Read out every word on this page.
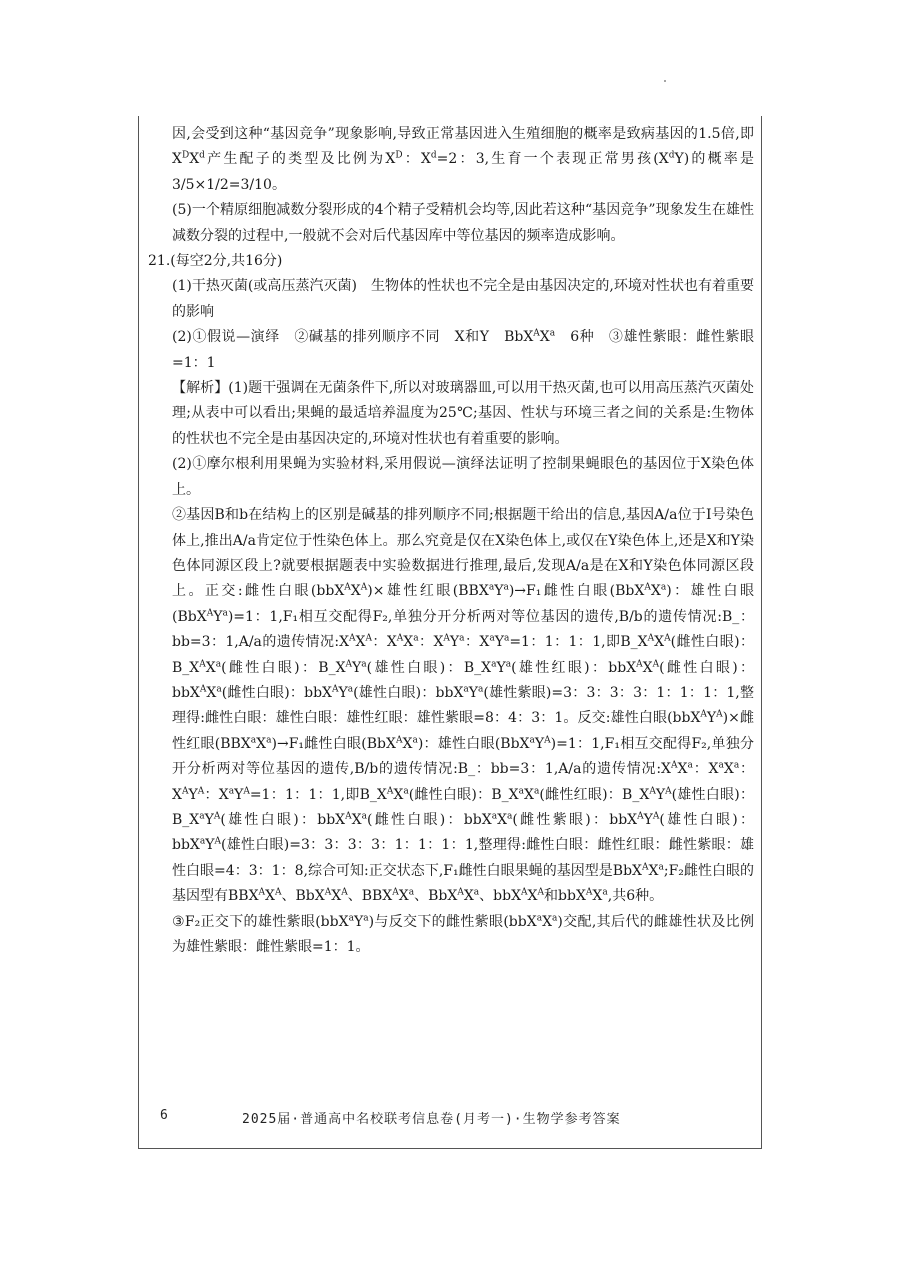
因,会受到这种“基因竞争”现象影响,导致正常基因进入生殖细胞的概率是致病基因的1.5倍,即$X^DX^d$产生配子的类型及比例为$X^D$：$X^d=2$：3,生育一个表现正常男孩$(X^dY)$的概率是3/5×1/2=3/10。

(5)一个精原细胞减数分裂形成的4个精子受精机会均等,因此若这种“基因竞争”现象发生在雄性减数分裂的过程中,一般就不会对后代基因库中等位基因的频率造成影响。

21.(每空2分,共16分)

(1)干热灭菌(或高压蒸汽灭菌)　生物体的性状也不完全是由基因决定的,环境对性状也有着重要的影响

(2)①假说—演绎　②碱基的排列顺序不同　X和Y　$BbX^AX^a$　6种　③雄性紫眼：雌性紫眼=1：1

【解析】(1)题干强调在无菌条件下,所以对玻璃器皿,可以用干热灭菌,也可以用高压蒸汽灭菌处理;从表中可以看出;果蝇的最适培养温度为25℃;基因、性状与环境三者之间的关系是:生物体的性状也不完全是由基因决定的,环境对性状也有着重要的影响。

(2)①摩尔根利用果蝇为实验材料,采用假说—演绎法证明了控制果蝇眼色的基因位于X染色体上。

②基因B和b在结构上的区别是碱基的排列顺序不同;根据题干给出的信息,基因A/a位于Ⅰ号染色体上,推出A/a肯定位于性染色体上。那么究竟是仅在X染色体上,或仅在Y染色体上,还是X和Y染色体同源区段上?就要根据题表中实验数据进行推理,最后,发现A/a是在X和Y染色体同源区段上。正交:雌性白眼$(bbX^AX^A)\times$雄性红眼$(BBX^aY^a)\to F_1$雌性白眼$(BbX^AX^a)$：雄性白眼$(BbX^AY^a)=1$：1,F₁相互交配得F₂,单独分开分析两对等位基因的遗传,B/b的遗传情况:B_：bb=3：1,A/a的遗传情况$:X^AX^A$：$X^AX^a$：$X^AY^a$：$X^aY^a=1$：1：1：1,即$B\_X^AX^A$(雌性白眼)：$B\_X^AX^a$(雌性白眼)：$B\_X^AY^a$(雄性白眼)：$B\_X^aY^a$(雄性红眼)：$bbX^AX^A$(雌性白眼)：$bbX^AX^a$(雌性白眼)：$bbX^AY^a$(雄性白眼)：$bbX^aY^a$(雄性紫眼)=3：3：3：3：1：1：1：1,整理得:雌性白眼：雄性白眼：雄性红眼：雄性紫眼=8：4：3：1。反交:雄性白眼$(bbX^AY^A)\times$雌性红眼$(BBX^aX^a)\to F_1$雌性白眼$(BbX^AX^a)$：雄性白眼$(BbX^aY^A)=1$：1,F₁相互交配得F₂,单独分开分析两对等位基因的遗传,B/b的遗传情况:B_：bb=3：1,A/a的遗传情况$:X^AX^a$：$X^aX^a$：$X^AY^A$：$X^aY^A=1$：1：1：1,即$B\_X^AX^a$(雌性白眼)：$B\_X^aX^a$(雌性红眼)：$B\_X^AY^A$(雄性白眼)：$B\_X^aY^A$(雄性白眼)：$bbX^AX^a$(雌性白眼)：$bbX^aX^a$(雌性紫眼)：$bbX^AY^A$(雄性白眼)：$bbX^aY^A$(雄性白眼)=3：3：3：3：1：1：1：1,整理得:雌性白眼：雌性红眼：雌性紫眼：雄性白眼=4：3：1：8,综合可知:正交状态下,F₁雌性白眼果蝇的基因型是$BbX^AX^a;F_2$雌性白眼的基因型有$BBX^AX^A$、$BbX^AX^A$、$BBX^AX^a$、$BbX^AX^a$、$bbX^AX^A$和$bbX^AX^a$,共6种。

③F₂正交下的雄性紫眼$(bbX^aY^a)$与反交下的雌性紫眼$(bbX^aX^a)$交配,其后代的雌雄性状及比例为雄性紫眼：雌性紫眼=1：1。

6	2025届·普通高中名校联考信息卷(月考一)·生物学参考答案
